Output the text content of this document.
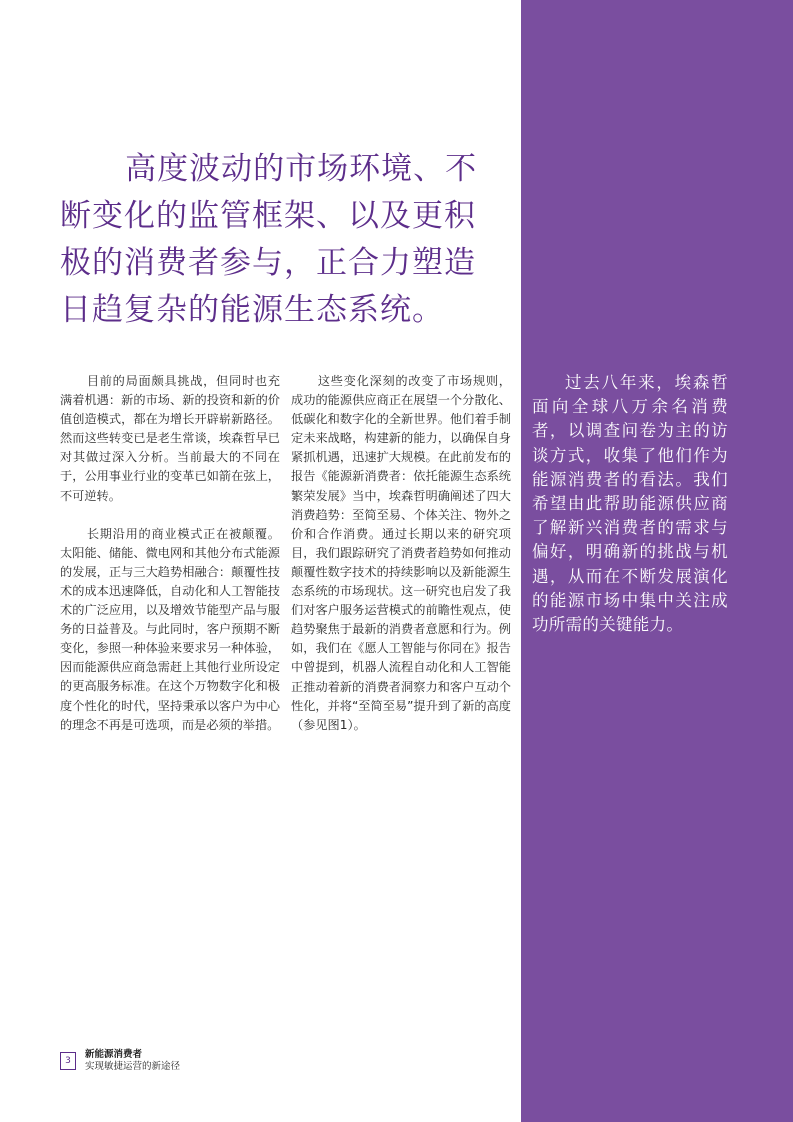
高度波动的市场环境、不断变化的监管框架、以及更积极的消费者参与，正合力塑造日趋复杂的能源生态系统。

目前的局面颇具挑战，但同时也充满着机遇：新的市场、新的投资和新的价值创造模式，都在为增长开辟崭新路径。然而这些转变已是老生常谈，埃森哲早已对其做过深入分析。当前最大的不同在于，公用事业行业的变革已如箭在弦上，不可逆转。

长期沿用的商业模式正在被颠覆。太阳能、储能、微电网和其他分布式能源的发展，正与三大趋势相融合：颠覆性技术的成本迅速降低，自动化和人工智能技术的广泛应用，以及增效节能型产品与服务的日益普及。与此同时，客户预期不断变化，参照一种体验来要求另一种体验，因而能源供应商急需赶上其他行业所设定的更高服务标准。在这个万物数字化和极度个性化的时代，坚持秉承以客户为中心的理念不再是可选项，而是必须的举措。

这些变化深刻的改变了市场规则，成功的能源供应商正在展望一个分散化、低碳化和数字化的全新世界。他们着手制定未来战略，构建新的能力，以确保自身紧抓机遇，迅速扩大规模。在此前发布的报告《能源新消费者：依托能源生态系统繁荣发展》当中，埃森哲明确阐述了四大消费趋势：至简至易、个体关注、物外之价和合作消费。通过长期以来的研究项目，我们跟踪研究了消费者趋势如何推动颠覆性数字技术的持续影响以及新能源生态系统的市场现状。这一研究也启发了我们对客户服务运营模式的前瞻性观点，使趋势聚焦于最新的消费者意愿和行为。例如，我们在《愿人工智能与你同在》报告中曾提到，机器人流程自动化和人工智能正推动着新的消费者洞察力和客户互动个性化，并将“至简至易”提升到了新的高度（参见图1）。

过去八年来，埃森哲面向全球八万余名消费者，以调查问卷为主的访谈方式，收集了他们作为能源消费者的看法。我们希望由此帮助能源供应商了解新兴消费者的需求与偏好，明确新的挑战与机遇，从而在不断发展演化的能源市场中集中关注成功所需的关键能力。

3
新能源消费者
实现敏捷运营的新途径
